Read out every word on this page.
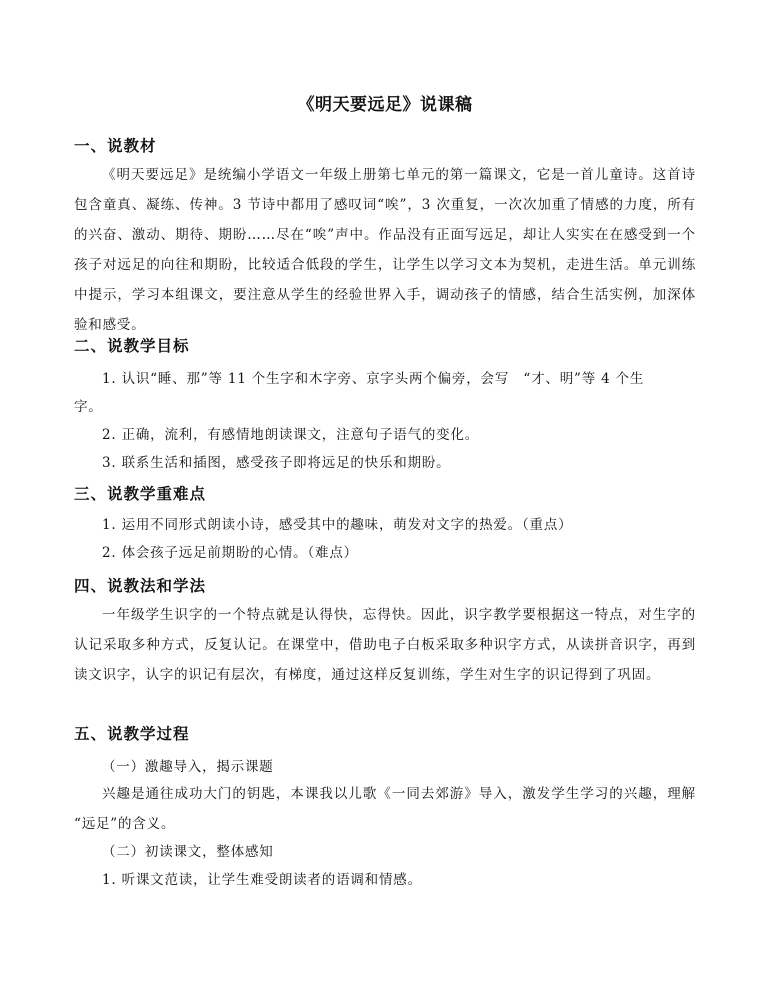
《明天要远足》说课稿
一、说教材

《明天要远足》是统编小学语文一年级上册第七单元的第一篇课文，它是一首儿童诗。这首诗包含童真、凝练、传神。3 节诗中都用了感叹词“唉”，3 次重复，一次次加重了情感的力度，所有的兴奋、激动、期待、期盼……尽在“唉”声中。作品没有正面写远足，却让人实实在在感受到一个孩子对远足的向往和期盼，比较适合低段的学生，让学生以学习文本为契机，走进生活。单元训练中提示，学习本组课文，要注意从学生的经验世界入手，调动孩子的情感，结合生活实例，加深体验和感受。

二、说教学目标
1. 认识“睡、那”等 11 个生字和木字旁、京字头两个偏旁，会写　“才、明”等 4 个生
字。
2. 正确，流利，有感情地朗读课文，注意句子语气的变化。
3. 联系生活和插图，感受孩子即将远足的快乐和期盼。
三、说教学重难点
1. 运用不同形式朗读小诗，感受其中的趣味，萌发对文字的热爱。（重点）
2. 体会孩子远足前期盼的心情。（难点）
四、说教法和学法

一年级学生识字的一个特点就是认得快，忘得快。因此，识字教学要根据这一特点，对生字的认记采取多种方式，反复认记。在课堂中，借助电子白板采取多种识字方式，从读拼音识字，再到读文识字，认字的识记有层次，有梯度，通过这样反复训练，学生对生字的识记得到了巩固。

五、说教学过程
（一）激趣导入，揭示课题

兴趣是通往成功大门的钥匙，本课我以儿歌《一同去郊游》导入，激发学生学习的兴趣，理解 “远足”的含义。

（二）初读课文，整体感知
1. 听课文范读，让学生难受朗读者的语调和情感。
